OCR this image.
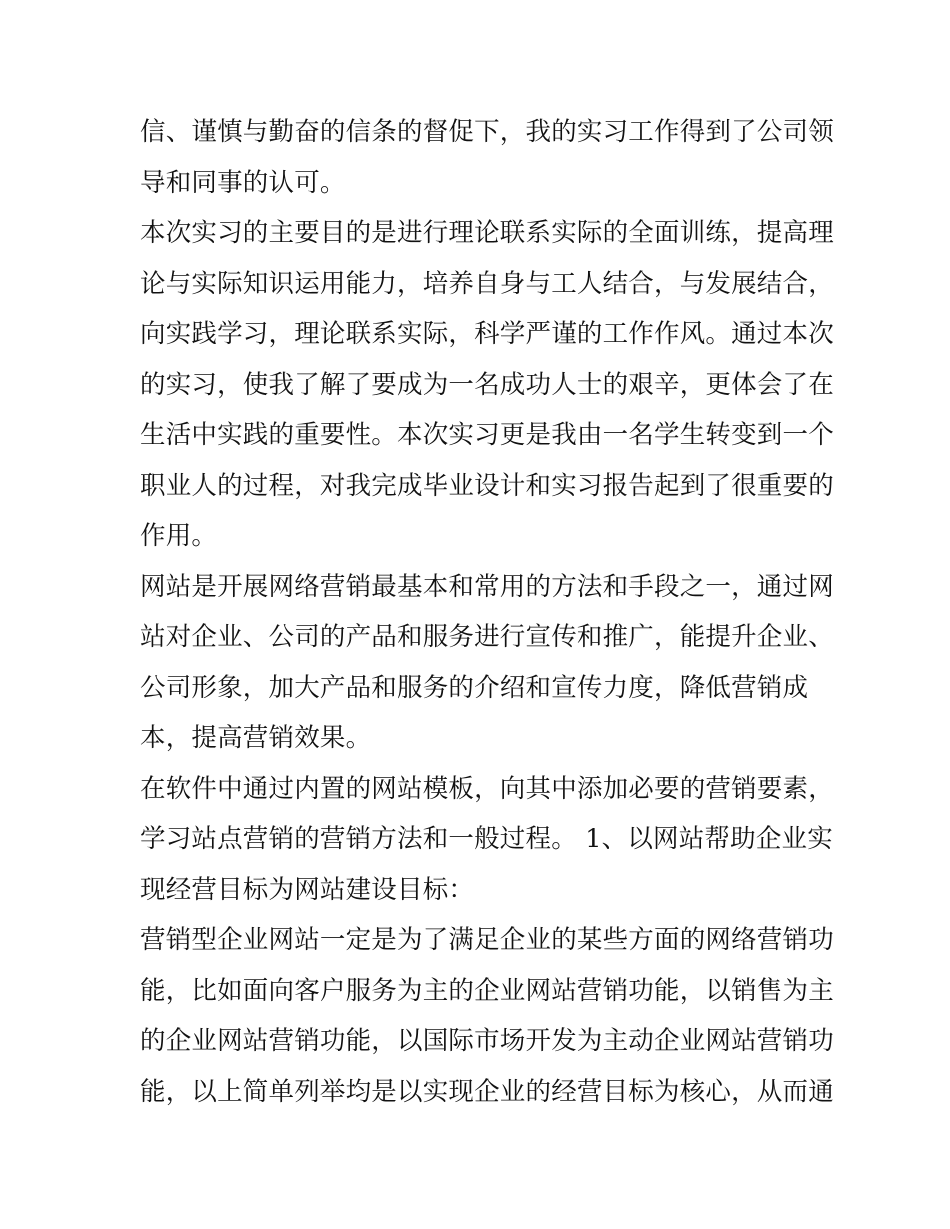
信、谨慎与勤奋的信条的督促下，我的实习工作得到了公司领
导和同事的认可。
本次实习的主要目的是进行理论联系实际的全面训练，提高理
论与实际知识运用能力，培养自身与工人结合，与发展结合，
向实践学习，理论联系实际，科学严谨的工作作风。通过本次
的实习，使我了解了要成为一名成功人士的艰辛，更体会了在
生活中实践的重要性。本次实习更是我由一名学生转变到一个
职业人的过程，对我完成毕业设计和实习报告起到了很重要的
作用。
网站是开展网络营销最基本和常用的方法和手段之一，通过网
站对企业、公司的产品和服务进行宣传和推广，能提升企业、
公司形象，加大产品和服务的介绍和宣传力度，降低营销成
本，提高营销效果。
在软件中通过内置的网站模板，向其中添加必要的营销要素，
学习站点营销的营销方法和一般过程。 1、以网站帮助企业实
现经营目标为网站建设目标：
营销型企业网站一定是为了满足企业的某些方面的网络营销功
能，比如面向客户服务为主的企业网站营销功能，以销售为主
的企业网站营销功能，以国际市场开发为主动企业网站营销功
能，以上简单列举均是以实现企业的经营目标为核心，从而通
